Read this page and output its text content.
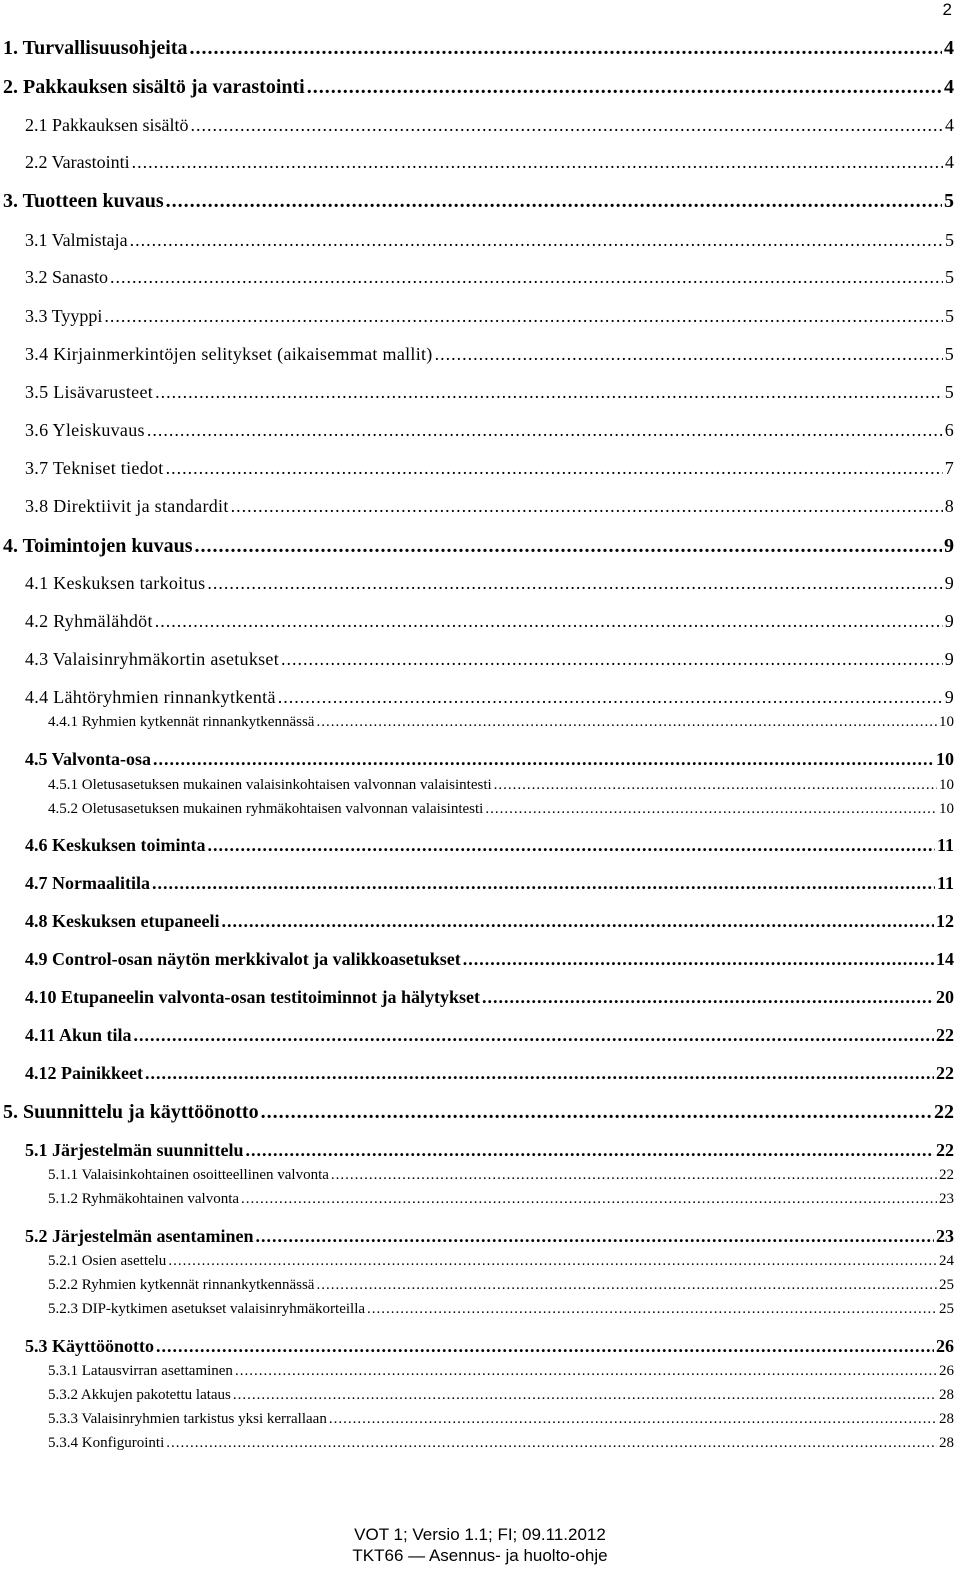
2
1. Turvallisuusohjeita .....	4
2. Pakkauksen sisältö ja varastointi .....	4
2.1 Pakkauksen sisältö .....	4
2.2 Varastointi .....	4
3. Tuotteen kuvaus .....	5
3.1 Valmistaja .....	5
3.2 Sanasto .....	5
3.3 Tyyppi .....	5
3.4 Kirjainmerkintöjen selitykset (aikaisemmat mallit) .....	5
3.5 Lisävarusteet .....	5
3.6 Yleiskuvaus .....	6
3.7 Tekniset tiedot .....	7
3.8 Direktiivit ja standardit .....	8
4. Toimintojen kuvaus .....	9
4.1 Keskuksen tarkoitus .....	9
4.2 Ryhmälähdöt .....	9
4.3 Valaisinryhmäkortin asetukset .....	9
4.4 Lähtöryhmien rinnankytkentä .....	9
4.4.1 Ryhmien kytkennät rinnankytkennässä .....	10
4.5 Valvonta-osa .....	10
4.5.1 Oletusasetuksen mukainen valaisinkohtaisen valvonnan valaisintesti .....	10
4.5.2 Oletusasetuksen mukainen ryhmäkohtaisen valvonnan valaisintesti .....	10
4.6 Keskuksen toiminta .....	11
4.7 Normaalitila .....	11
4.8 Keskuksen etupaneeli .....	12
4.9 Control-osan näytön merkkivalot ja valikkoasetukset .....	14
4.10 Etupaneelin valvonta-osan testitoiminnot ja hälytykset .....	20
4.11 Akun tila .....	22
4.12 Painikkeet .....	22
5. Suunnittelu ja käyttöönotto .....	22
5.1 Järjestelmän suunnittelu .....	22
5.1.1 Valaisinkohtainen osoitteellinen valvonta .....	22
5.1.2 Ryhmäkohtainen valvonta .....	23
5.2 Järjestelmän asentaminen .....	23
5.2.1 Osien asettelu .....	24
5.2.2 Ryhmien kytkennät rinnankytkennässä .....	25
5.2.3 DIP-kytkimen asetukset valaisinryhmäkorteilla .....	25
5.3 Käyttöönotto .....	26
5.3.1 Latausvirran asettaminen .....	26
5.3.2 Akkujen pakotettu lataus .....	28
5.3.3 Valaisinryhmien tarkistus yksi kerrallaan .....	28
5.3.4 Konfigurointi .....	28
VOT 1; Versio 1.1; FI; 09.11.2012
TKT66 — Asennus- ja huolto-ohje
